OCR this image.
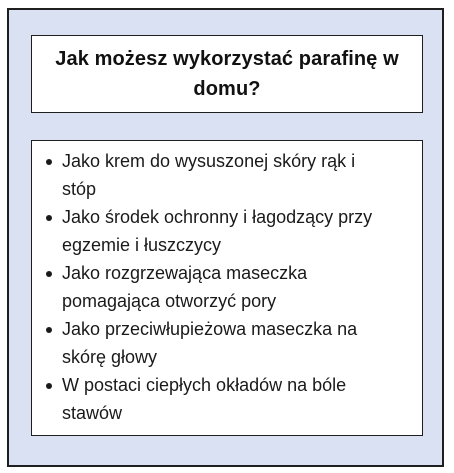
Jak możesz wykorzystać parafinę w domu?
Jako krem do wysuszonej skóry rąk i
stóp
Jako środek ochronny i łagodzący przy
egzemie i łuszczycy
Jako rozgrzewająca maseczka
pomagająca otworzyć pory
Jako przeciwłupieżowa maseczka na
skórę głowy
W postaci ciepłych okładów na bóle
stawów
